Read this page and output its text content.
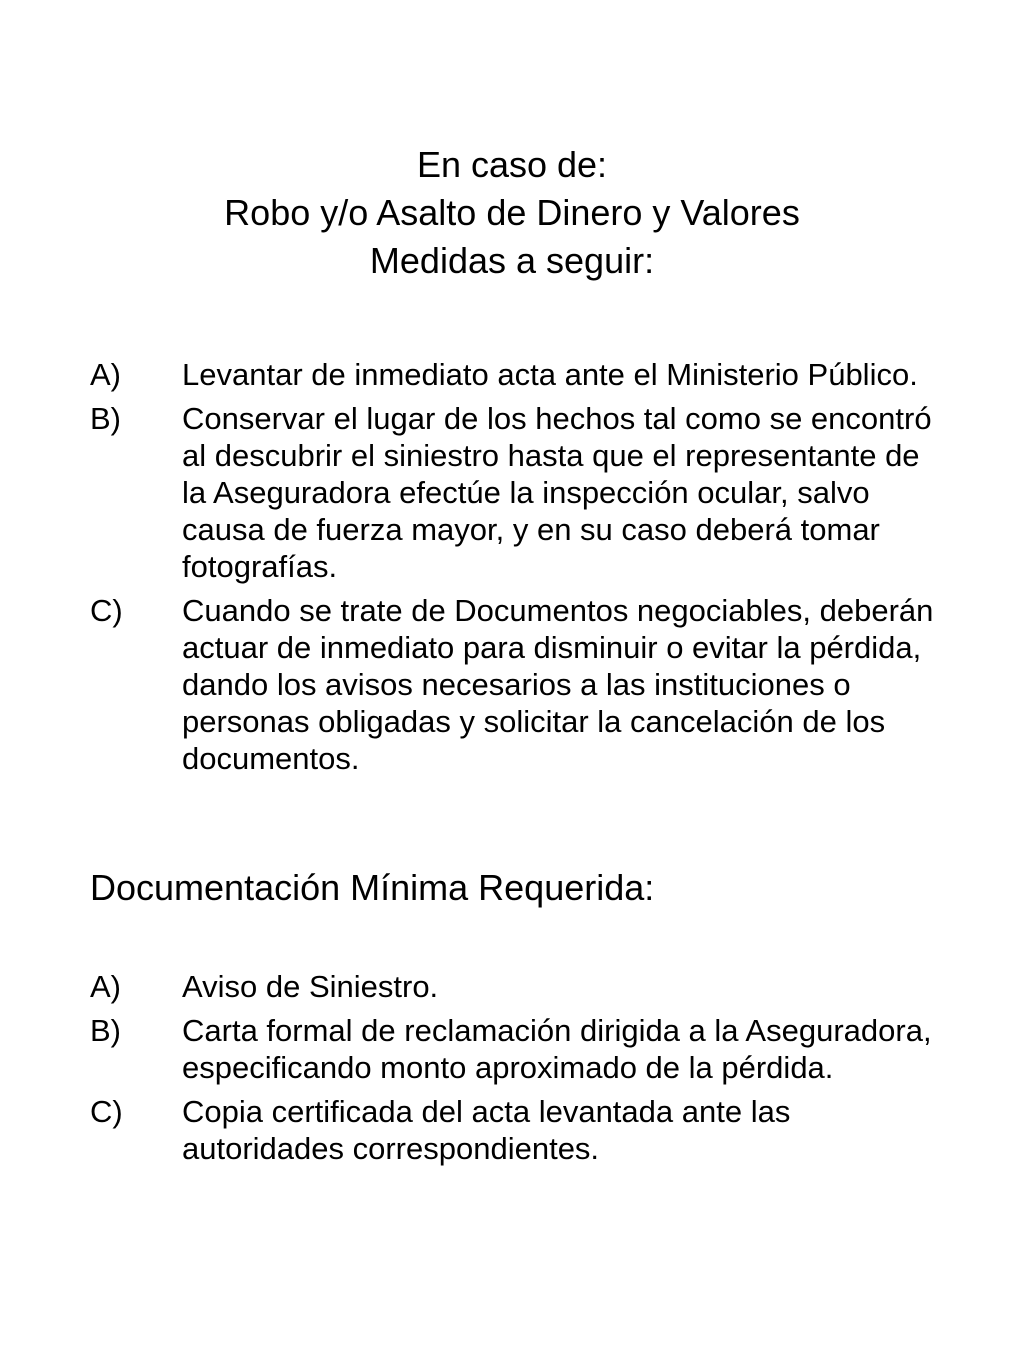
En caso de:
Robo y/o Asalto de Dinero y Valores
Medidas a seguir:
A) Levantar de inmediato acta ante el Ministerio Público.
B) Conservar el lugar de los hechos tal como se encontró al descubrir el siniestro hasta que el representante de la Aseguradora efectúe la inspección ocular, salvo causa de fuerza mayor, y en su caso deberá tomar fotografías.
C) Cuando se trate de Documentos negociables, deberán actuar de inmediato para disminuir o evitar la pérdida, dando los avisos necesarios a las instituciones o personas obligadas y solicitar la cancelación de los documentos.
Documentación Mínima Requerida:
A) Aviso de Siniestro.
B) Carta formal de reclamación dirigida a la Aseguradora, especificando monto aproximado de la pérdida.
C) Copia certificada del acta levantada ante las autoridades correspondientes.
